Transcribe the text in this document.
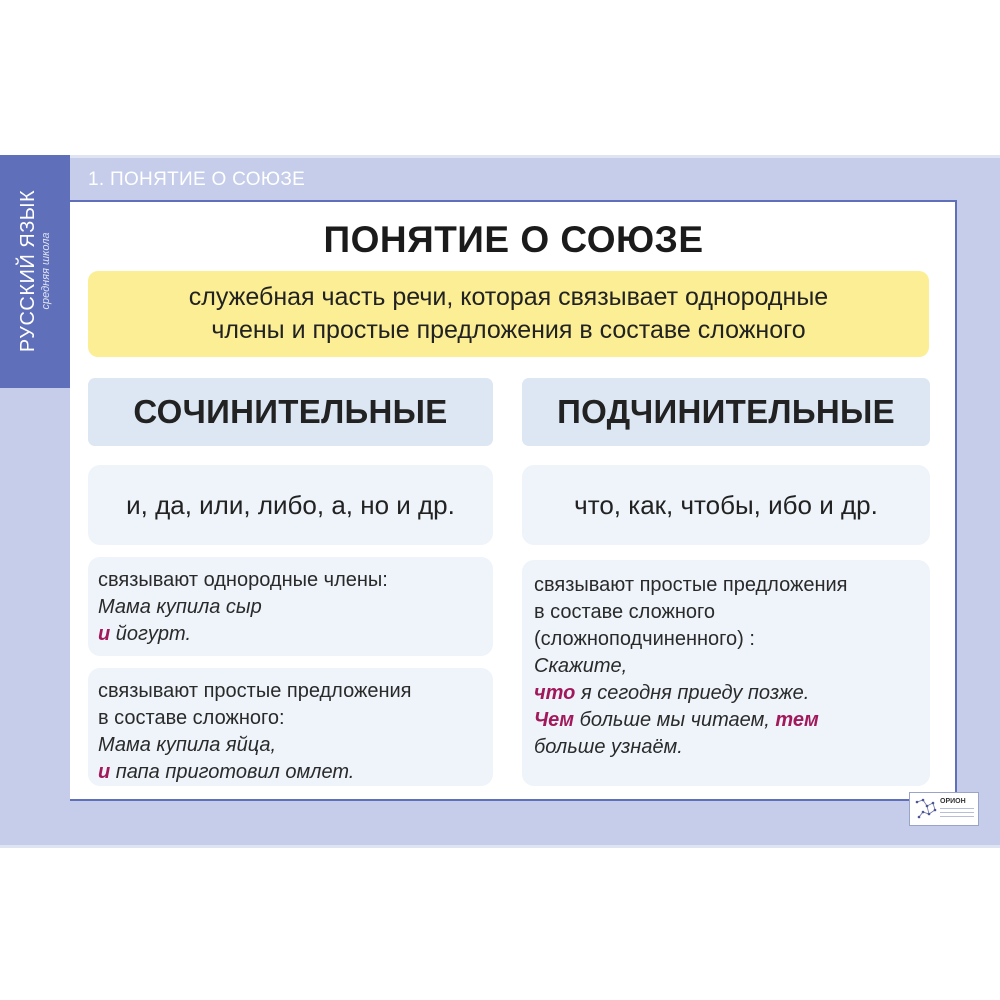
РУССКИЙ ЯЗЫК средняя школа
1. ПОНЯТИЕ О СОЮЗЕ
ПОНЯТИЕ О СОЮЗЕ
служебная часть речи, которая связывает однородные
члены и простые предложения в составе сложного
СОЧИНИТЕЛЬНЫЕ
и, да, или, либо, а, но и др.
связывают однородные члены:
Мама купила сыр
и йогурт.
связывают простые предложения
в составе сложного:
Мама купила яйца,
и папа приготовил омлет.
ПОДЧИНИТЕЛЬНЫЕ
что, как, чтобы, ибо и др.
связывают простые предложения
в составе сложного
(сложноподчиненного) :
Скажите,
что я сегодня приеду позже.
Чем больше мы читаем, тем
больше узнаём.
ОРИОН
